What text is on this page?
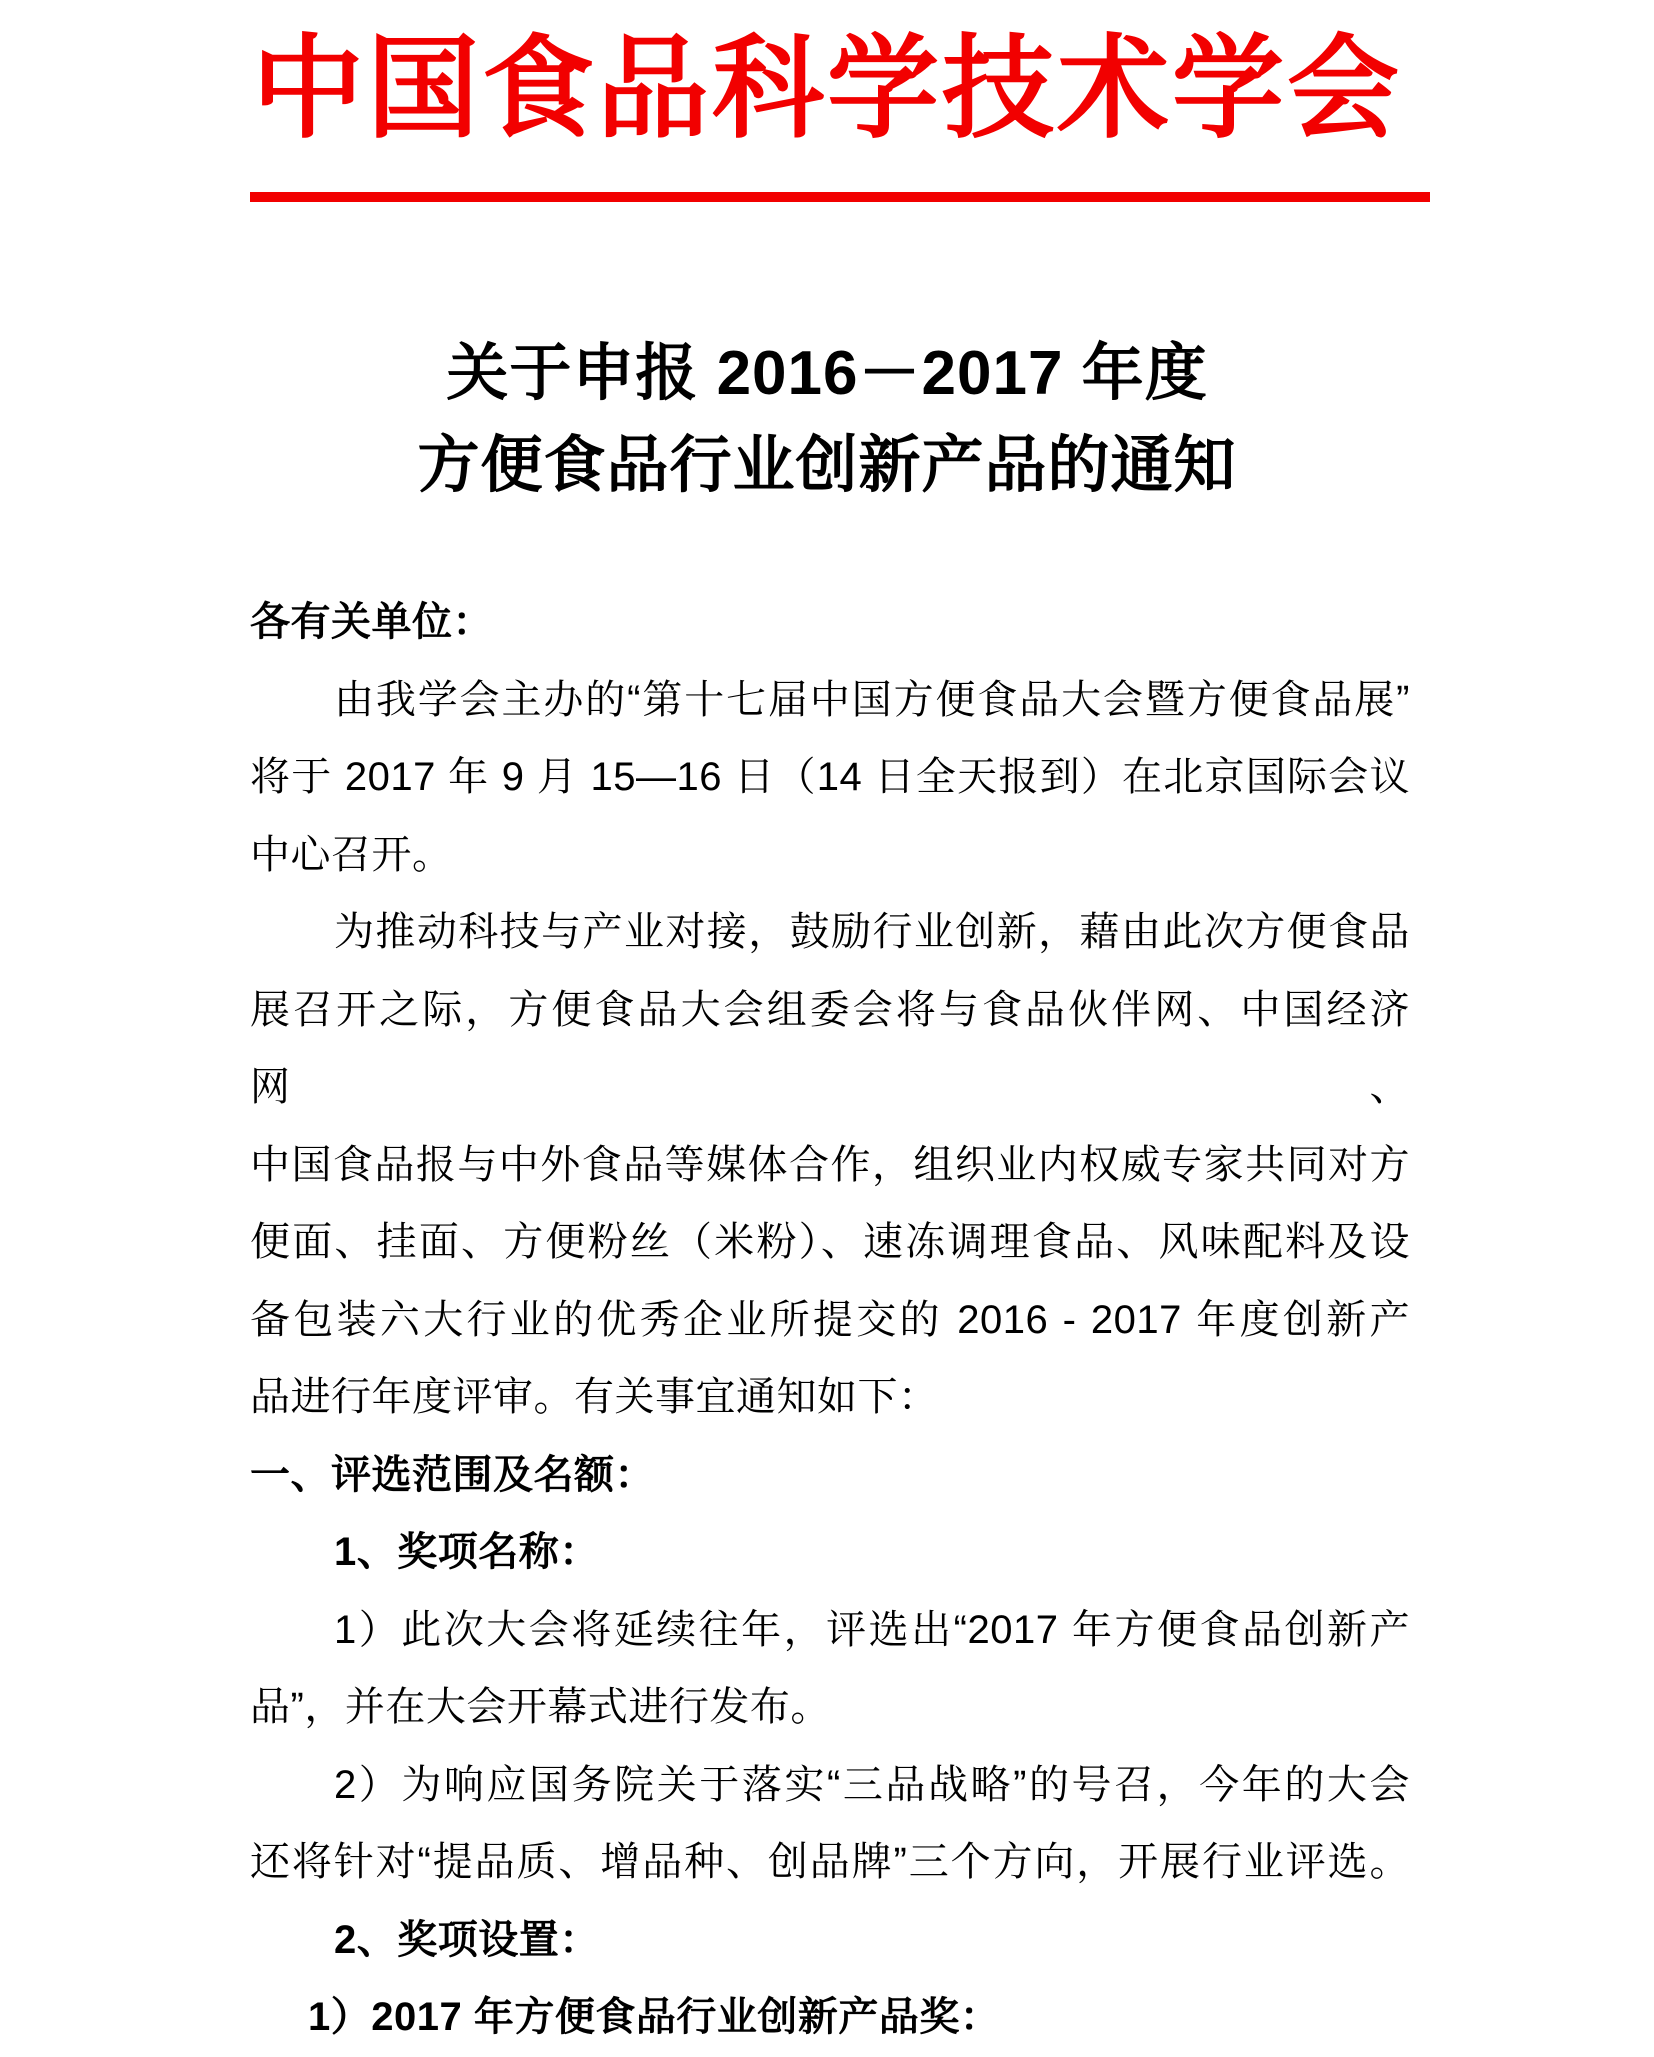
中国食品科学技术学会
关于申报 2016－2017 年度
方便食品行业创新产品的通知
各有关单位：
由我学会主办的“第十七届中国方便食品大会暨方便食品展”
将于 2017 年 9 月 15—16 日（14 日全天报到）在北京国际会议
中心召开。
为推动科技与产业对接，鼓励行业创新，藉由此次方便食品
展召开之际，方便食品大会组委会将与食品伙伴网、中国经济网、
中国食品报与中外食品等媒体合作，组织业内权威专家共同对方
便面、挂面、方便粉丝（米粉）、速冻调理食品、风味配料及设
备包装六大行业的优秀企业所提交的 2016 - 2017 年度创新产
品进行年度评审。有关事宜通知如下：
一、评选范围及名额：
1、奖项名称：
1）此次大会将延续往年，评选出“2017 年方便食品创新产
品”，并在大会开幕式进行发布。
2）为响应国务院关于落实“三品战略”的号召，今年的大会
还将针对“提品质、增品种、创品牌”三个方向，开展行业评选。
2、奖项设置：
1）2017 年方便食品行业创新产品奖：
